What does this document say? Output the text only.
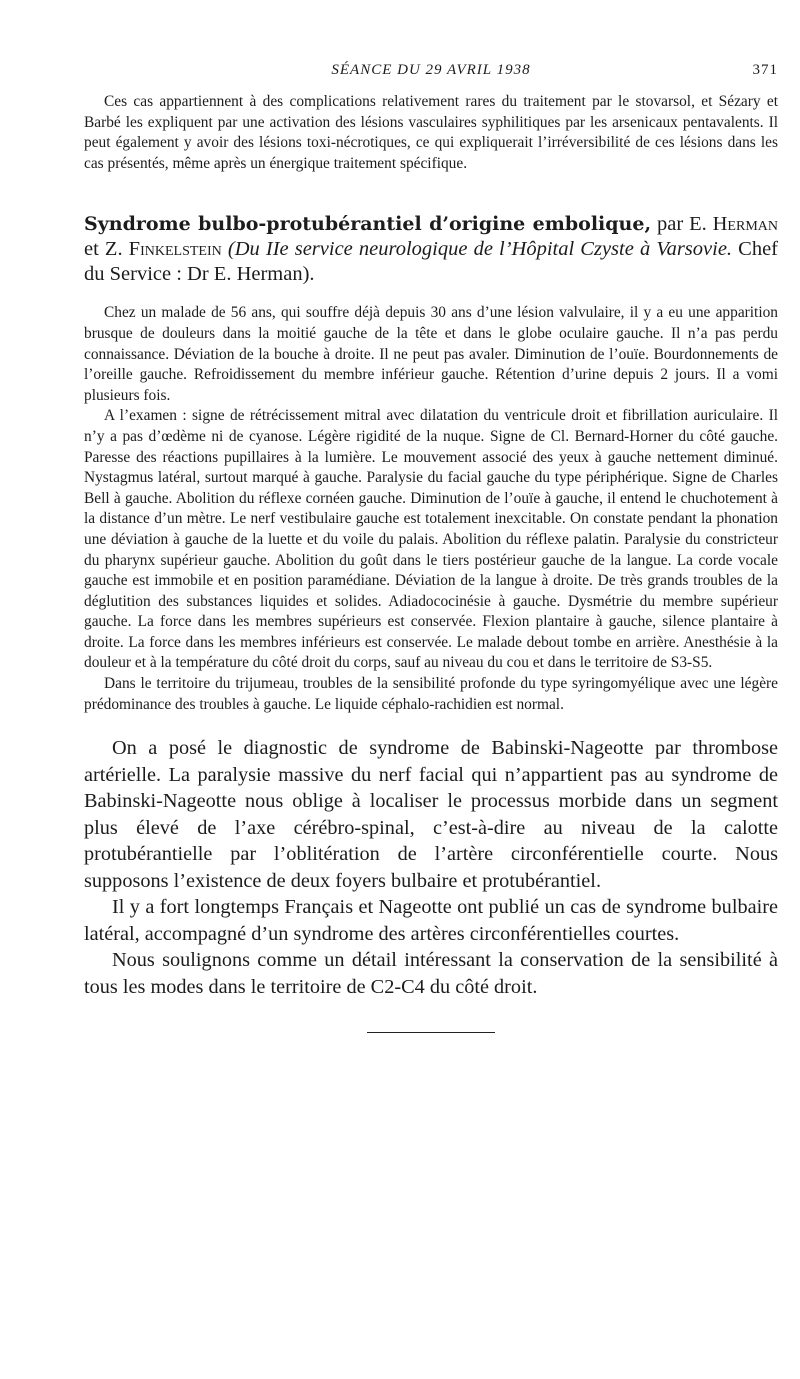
SÉANCE DU 29 AVRIL 1938	371

Ces cas appartiennent à des complications relativement rares du traitement par le stovarsol, et Sézary et Barbé les expliquent par une activation des lésions vasculaires syphilitiques par les arsenicaux pentavalents. Il peut également y avoir des lésions toxi-nécrotiques, ce qui expliquerait l’irréversibilité de ces lésions dans les cas présentés, même après un énergique traitement spécifique.

Syndrome bulbo-protubérantiel d’origine embolique, par E. Herman et Z. Finkelstein (Du IIe service neurologique de l’Hôpital Czyste à Varsovie. Chef du Service : Dr E. Herman).

Chez un malade de 56 ans, qui souffre déjà depuis 30 ans d’une lésion valvulaire, il y a eu une apparition brusque de douleurs dans la moitié gauche de la tête et dans le globe oculaire gauche. Il n’a pas perdu connaissance. Déviation de la bouche à droite. Il ne peut pas avaler. Diminution de l’ouïe. Bourdonnements de l’oreille gauche. Refroidissement du membre inférieur gauche. Rétention d’urine depuis 2 jours. Il a vomi plusieurs fois.

A l’examen : signe de rétrécissement mitral avec dilatation du ventricule droit et fibrillation auriculaire. Il n’y a pas d’œdème ni de cyanose. Légère rigidité de la nuque. Signe de Cl. Bernard-Horner du côté gauche. Paresse des réactions pupillaires à la lumière. Le mouvement associé des yeux à gauche nettement diminué. Nystagmus latéral, surtout marqué à gauche. Paralysie du facial gauche du type périphérique. Signe de Charles Bell à gauche. Abolition du réflexe cornéen gauche. Diminution de l’ouïe à gauche, il entend le chuchotement à la distance d’un mètre. Le nerf vestibulaire gauche est totalement inexcitable. On constate pendant la phonation une déviation à gauche de la luette et du voile du palais. Abolition du réflexe palatin. Paralysie du constricteur du pharynx supérieur gauche. Abolition du goût dans le tiers postérieur gauche de la langue. La corde vocale gauche est immobile et en position paramédiane. Déviation de la langue à droite. De très grands troubles de la déglutition des substances liquides et solides. Adiadococinésie à gauche. Dysmétrie du membre supérieur gauche. La force dans les membres supérieurs est conservée. Flexion plantaire à gauche, silence plantaire à droite. La force dans les membres inférieurs est conservée. Le malade debout tombe en arrière. Anesthésie à la douleur et à la température du côté droit du corps, sauf au niveau du cou et dans le territoire de S3-S5.

Dans le territoire du trijumeau, troubles de la sensibilité profonde du type syringomyélique avec une légère prédominance des troubles à gauche. Le liquide céphalo-rachidien est normal.

On a posé le diagnostic de syndrome de Babinski-Nageotte par thrombose artérielle. La paralysie massive du nerf facial qui n’appartient pas au syndrome de Babinski-Nageotte nous oblige à localiser le processus morbide dans un segment plus élevé de l’axe cérébro-spinal, c’est-à-dire au niveau de la calotte protubérantielle par l’oblitération de l’artère circonférentielle courte. Nous supposons l’existence de deux foyers bulbaire et protubérantiel.

Il y a fort longtemps Français et Nageotte ont publié un cas de syndrome bulbaire latéral, accompagné d’un syndrome des artères circonférentielles courtes.

Nous soulignons comme un détail intéressant la conservation de la sensibilité à tous les modes dans le territoire de C2-C4 du côté droit.
